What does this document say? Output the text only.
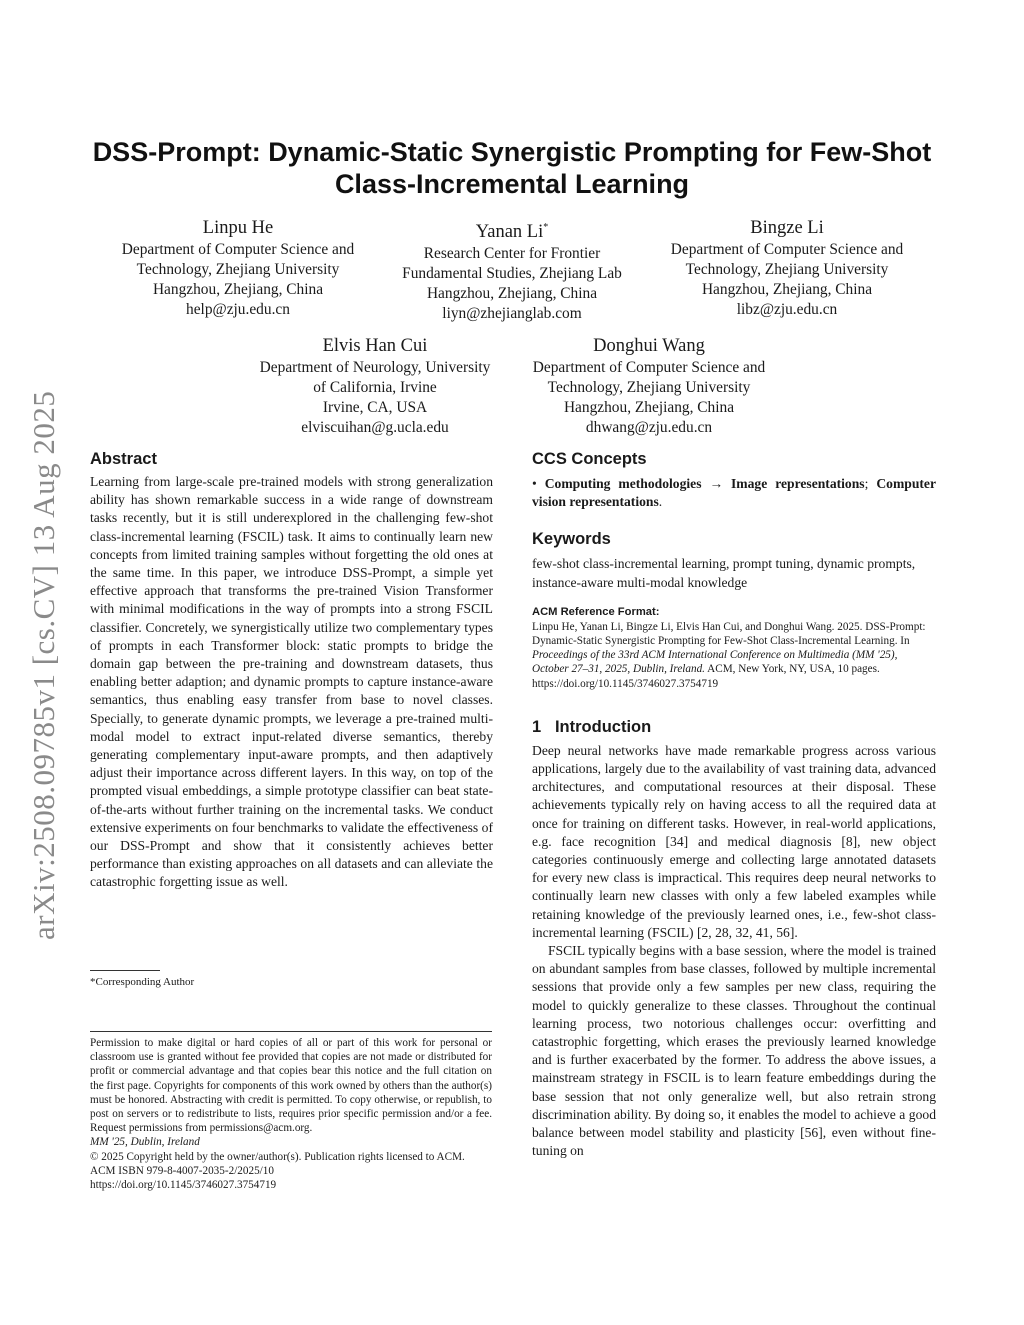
arXiv:2508.09785v1 [cs.CV] 13 Aug 2025
DSS-Prompt: Dynamic-Static Synergistic Prompting for Few-Shot
Class-Incremental Learning
Linpu He
Department of Computer Science and
Technology, Zhejiang University
Hangzhou, Zhejiang, China
help@zju.edu.cn
Yanan Li*
Research Center for Frontier
Fundamental Studies, Zhejiang Lab
Hangzhou, Zhejiang, China
liyn@zhejianglab.com
Bingze Li
Department of Computer Science and
Technology, Zhejiang University
Hangzhou, Zhejiang, China
libz@zju.edu.cn
Elvis Han Cui
Department of Neurology, University
of California, Irvine
Irvine, CA, USA
elviscuihan@g.ucla.edu
Donghui Wang
Department of Computer Science and
Technology, Zhejiang University
Hangzhou, Zhejiang, China
dhwang@zju.edu.cn
Abstract

Learning from large-scale pre-trained models with strong generalization ability has shown remarkable success in a wide range of downstream tasks recently, but it is still underexplored in the challenging few-shot class-incremental learning (FSCIL) task. It aims to continually learn new concepts from limited training samples without forgetting the old ones at the same time. In this paper, we introduce DSS-Prompt, a simple yet effective approach that transforms the pre-trained Vision Transformer with minimal modifications in the way of prompts into a strong FSCIL classifier. Concretely, we synergistically utilize two complementary types of prompts in each Transformer block: static prompts to bridge the domain gap between the pre-training and downstream datasets, thus enabling better adaption; and dynamic prompts to capture instance-aware semantics, thus enabling easy transfer from base to novel classes. Specially, to generate dynamic prompts, we leverage a pre-trained multi-modal model to extract input-related diverse semantics, thereby generating complementary input-aware prompts, and then adaptively adjust their importance across different layers. In this way, on top of the prompted visual embeddings, a simple prototype classifier can beat state-of-the-arts without further training on the incremental tasks. We conduct extensive experiments on four benchmarks to validate the effectiveness of our DSS-Prompt and show that it consistently achieves better performance than existing approaches on all datasets and can alleviate the catastrophic forgetting issue as well.

*Corresponding Author

Permission to make digital or hard copies of all or part of this work for personal or classroom use is granted without fee provided that copies are not made or distributed for profit or commercial advantage and that copies bear this notice and the full citation on the first page. Copyrights for components of this work owned by others than the author(s) must be honored. Abstracting with credit is permitted. To copy otherwise, or republish, to post on servers or to redistribute to lists, requires prior specific permission and/or a fee. Request permissions from permissions@acm.org.

MM '25, Dublin, Ireland

© 2025 Copyright held by the owner/author(s). Publication rights licensed to ACM.

ACM ISBN 979-8-4007-2035-2/2025/10

https://doi.org/10.1145/3746027.3754719

CCS Concepts

• Computing methodologies → Image representations; Computer vision representations.

Keywords

few-shot class-incremental learning, prompt tuning, dynamic prompts, instance-aware multi-modal knowledge

ACM Reference Format:

Linpu He, Yanan Li, Bingze Li, Elvis Han Cui, and Donghui Wang. 2025. DSS-Prompt: Dynamic-Static Synergistic Prompting for Few-Shot Class-Incremental Learning. In Proceedings of the 33rd ACM International Conference on Multimedia (MM '25), October 27–31, 2025, Dublin, Ireland. ACM, New York, NY, USA, 10 pages. https://doi.org/10.1145/3746027.3754719

1 Introduction

Deep neural networks have made remarkable progress across various applications, largely due to the availability of vast training data, advanced architectures, and computational resources at their disposal. These achievements typically rely on having access to all the required data at once for training on different tasks. However, in real-world applications, e.g. face recognition [34] and medical diagnosis [8], new object categories continuously emerge and collecting large annotated datasets for every new class is impractical. This requires deep neural networks to continually learn new classes with only a few labeled examples while retaining knowledge of the previously learned ones, i.e., few-shot class-incremental learning (FSCIL) [2, 28, 32, 41, 56].

FSCIL typically begins with a base session, where the model is trained on abundant samples from base classes, followed by multiple incremental sessions that provide only a few samples per new class, requiring the model to quickly generalize to these classes. Throughout the continual learning process, two notorious challenges occur: overfitting and catastrophic forgetting, which erases the previously learned knowledge and is further exacerbated by the former. To address the above issues, a mainstream strategy in FSCIL is to learn feature embeddings during the base session that not only generalize well, but also retrain strong discrimination ability. By doing so, it enables the model to achieve a good balance between model stability and plasticity [56], even without fine-tuning on
